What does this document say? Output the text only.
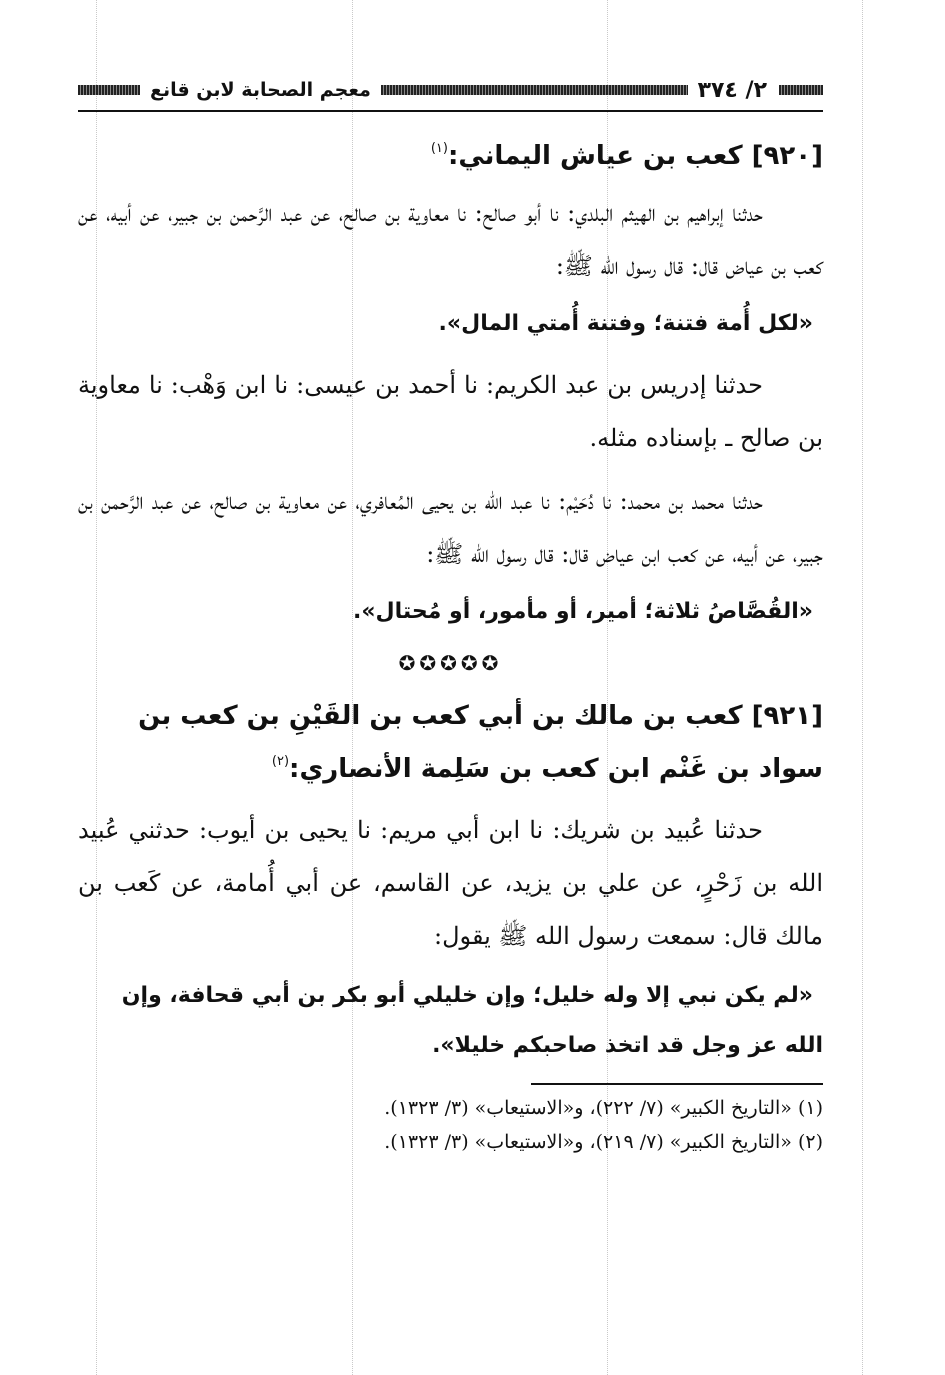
٢/ ٣٧٤
معجم الصحابة لابن قانع
[٩٢٠] كعب بن عياش اليماني:$^{(١)}$

حدثنا إبراهيم بن الهيثم البلدي: نا أبو صالح: نا معاوية بن صالح، عن عبد الرَّحمن بن جبير، عن أبيه، عن كعب بن عياض قال: قال رسول الله ﷺ:

«لكل أُمة فتنة؛ وفتنة أُمتي المال».

حدثنا إدريس بن عبد الكريم: نا أحمد بن عيسى: نا ابن وَهْب: نا معاوية بن صالح ـ بإسناده مثله.

حدثنا محمد بن محمد: نا دُحَيْم: نا عبد الله بن يحيى المُعافري، عن معاوية بن صالح، عن عبد الرَّحمن بن جبير، عن أبيه، عن كعب ابن عياض قال: قال رسول الله ﷺ:

«القُصَّاصُ ثلاثة؛ أمير، أو مأمور، أو مُحتال».

✪✪✪✪✪
[٩٢١] كعب بن مالك بن أبي كعب بن القَيْنِ بن كعب بن سواد بن غَنْم ابن كعب بن سَلِمة الأنصاري:$^{(٢)}$

حدثنا عُبيد بن شريك: نا ابن أبي مريم: نا يحيى بن أيوب: حدثني عُبيد الله بن زَحْرٍ، عن علي بن يزيد، عن القاسم، عن أبي أُمامة، عن كَعب بن مالك قال: سمعت رسول الله ﷺ يقول:

«لم يكن نبي إلا وله خليل؛ وإن خليلي أبو بكر بن أبي قحافة، وإن الله عز وجل قد اتخذ صاحبكم خليلا».

(١) «التاريخ الكبير» (٧/ ٢٢٢)، و«الاستيعاب» (٣/ ١٣٢٣).

(٢) «التاريخ الكبير» (٧/ ٢١٩)، و«الاستيعاب» (٣/ ١٣٢٣).
